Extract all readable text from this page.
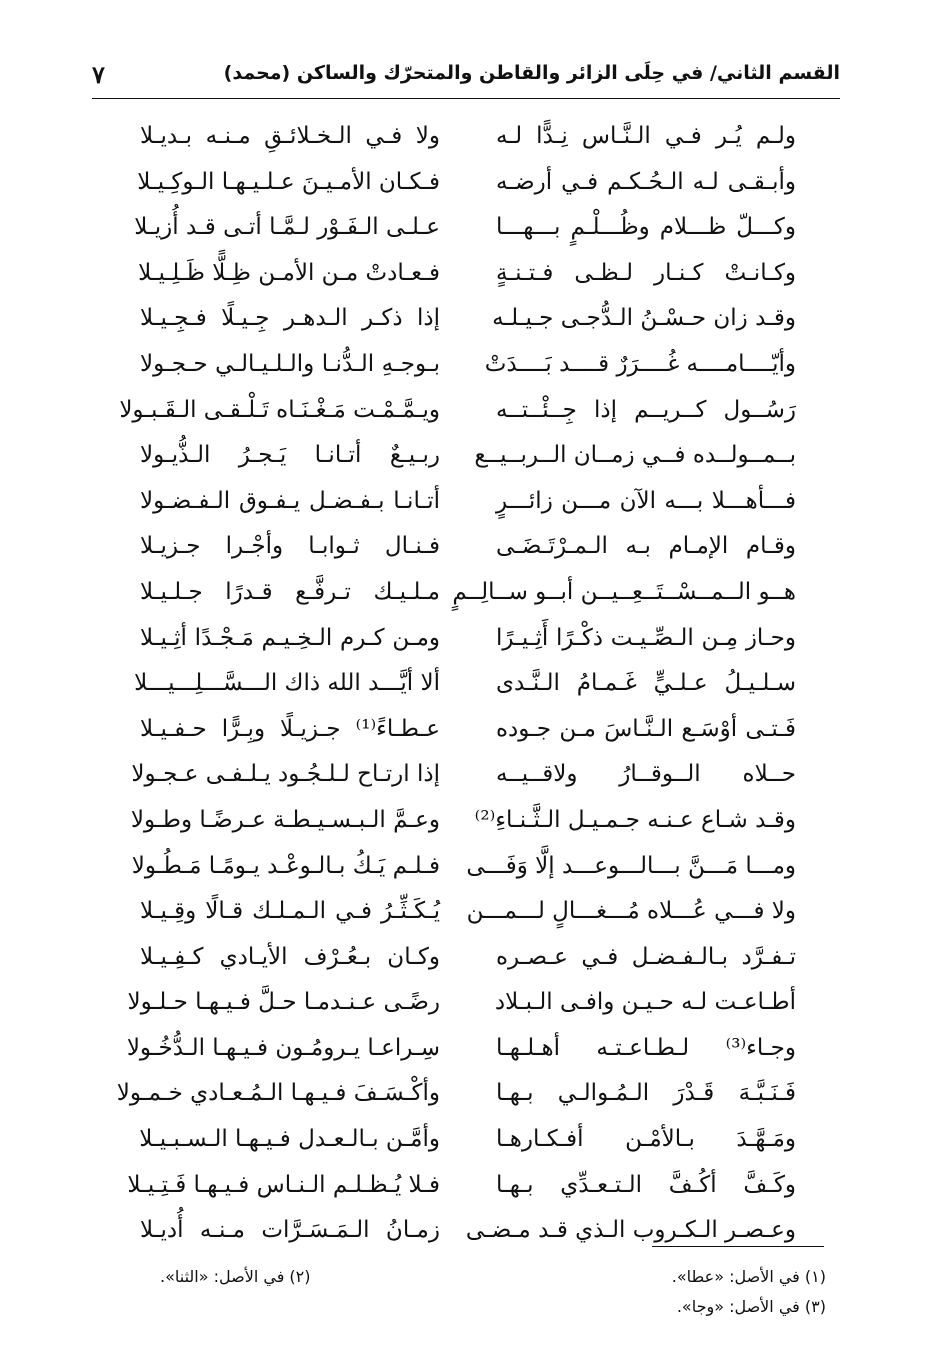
القسم الثاني/ في حِلَى الزائر والقاطن والمتحرّك والساكن (محمد)
٧
ولـم يُـر فـي الـنَّـاس نِـدًّا لـه
ولا فـي الـخـلائـقِ مـنـه بـديـلا
وأبـقـى لـه الـحُـكـم فـي أرضـه
فـكـان الأمـيـنَ عـلـيـهـا الـوكِـيـلا
وكـــلّ ظـــلام وظُـــلْـمٍ بـــهـــا
عـلـى الـفَـوْر لـمَّـا أتـى قـد أُزيـلا
وكـانـتْ كـنـار لـظـى فـتـنـةٍ
فـعـادتْ مـن الأمـن ظِـلًّا ظَـلِـيـلا
وقـد زان حـسْـنُ الـدُّجـى جـيـلـه
إذا ذكـر الـدهـر جِـيـلًا فـجِـيـلا
وأيّــــامــــه غُــــرَرٌ قــــد بَــــدَتْ
بـوجـهِ الـدُّنـا والـلـيـالـي حـجـولا
رَسُــول كــريــم إذا جِــئْــتــه
ويـمَّـمْـت مَـغْـنَـاه تَـلْـقـى الـقَـبـولا
بــمــولــده فــي زمــان الــربــيــع
ربـيـعٌ أتـانـا يَـجـرُ الـذُّيـولا
فـــأهـــلا بـــه الآن مـــن زائـــرٍ
أتـانـا بـفـضـل يـفـوق الـفـضـولا
وقـام الإمـام بـه الـمـرْتَـضَـى
فـنـال ثـوابـا وأجْـرا جـزيـلا
هــو الــمــسْــتَــعِــيــن أبــو ســالِــمٍ
مـلـيـك تـرفَّـع قـدرًا جـلـيـلا
وحـاز مِـن الـصِّـيـت ذكْـرًا أَثِـيـرًا
ومـن كـرم الـخِـيـم مَـجْـدًا أثِـيـلا
سـلـيـلُ عـلـيٍّ غَـمـامُ الـنَّـدى
ألا أيَّـــد الله ذاك الـــسَّـــلِـــيـــلا
فَـتـى أوْسَـع الـنَّـاسَ مـن جـوده
عـطـاءً⁽¹⁾ جـزيـلًا وبِـرًّا حـفـيـلا
حــلاه الــوقــارُ ولاقــيــه
إذا ارتـاح لـلـجُـود يـلـفـى عـجـولا
وقـد شـاع عـنـه جـمـيـل الـثَّـنـاءِ⁽²⁾
وعـمَّ الـبـسـيـطـة عـرضًـا وطـولا
ومـــا مَـــنَّ بـــالـــوعـــد إلَّا وَفَـــى
فـلـم يَـكُ بـالـوعْـد يـومًـا مَـطُـولا
ولا فـــي عُـــلاه مُـــغـــالٍ لـــمـــن
يُـكَـثِّـرُ فـي الـمـلـك قـالًا وقِـيـلا
تـفـرَّد بـالـفـضـل فـي عـصـره
وكـان بـعُـرْف الأيـادي كـفِـيـلا
أطـاعـت لـه حـيـن وافـى الـبـلاد
رضًـى عـنـدمـا حـلَّ فـيـهـا حـلـولا
وجـاء⁽³⁾ لـطـاعـتـه أهـلـهـا
سِـراعـا يـرومُـون فـيـهـا الـدُّخُـولا
فَـنَـبَّـهَ قَـدْرَ الـمُـوالـي بـهـا
وأكْـسَـفَ فـيـهـا الـمُـعـادي خـمـولا
ومَـهَّـدَ بـالأمْـن أفـكـارهـا
وأمَّـن بـالـعـدل فـيـهـا الـسـبـيـلا
وكَـفَّ أكُـفَّ الـتـعـدِّي بـهـا
فـلا يُـظـلـم الـنـاس فـيـهـا فَـتِـيـلا
وعـصـر الـكـروب الـذي قـد مـضـى
زمـانُ الـمَـسَـرَّات مـنـه أُديـلا
(١) في الأصل: «عطا».
(٢) في الأصل: «الثنا».
(٣) في الأصل: «وجا».
